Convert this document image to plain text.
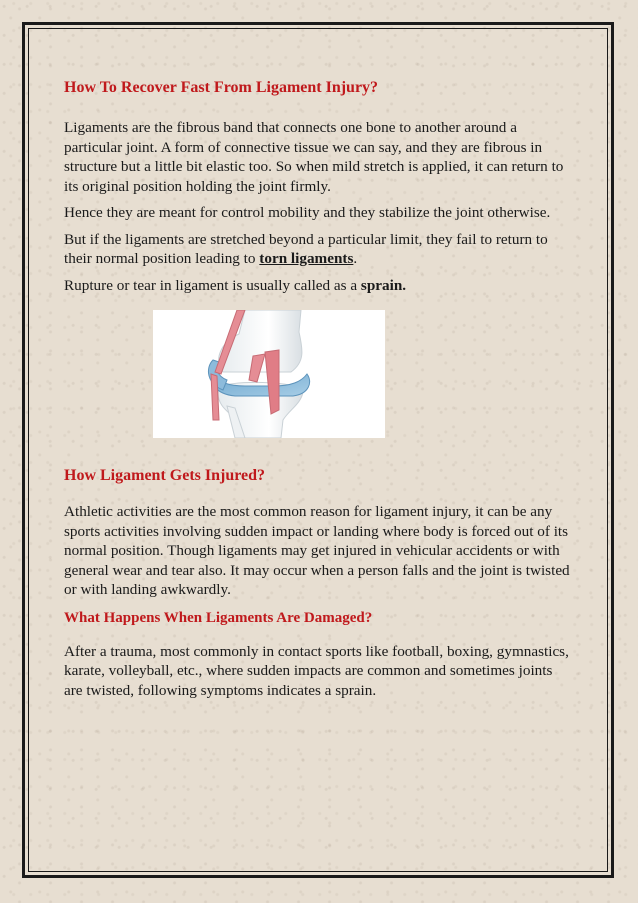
How To Recover Fast From Ligament Injury?

Ligaments are the fibrous band that connects one bone to another around a particular joint. A form of connective tissue we can say, and they are fibrous in structure but a little bit elastic too. So when mild stretch is applied, it can return to its original position holding the joint firmly.

Hence they are meant for control mobility and they stabilize the joint otherwise.

But if the ligaments are stretched beyond a particular limit, they fail to return to their normal position leading to torn ligaments.

Rupture or tear in ligament is usually called as a sprain.

How Ligament Gets Injured?

Athletic activities are the most common reason for ligament injury, it can be any sports activities involving sudden impact or landing where body is forced out of its normal position. Though ligaments may get injured in vehicular accidents or with general wear and tear also. It may occur when a person falls and the joint is twisted or with landing awkwardly.

What Happens When Ligaments Are Damaged?

After a trauma, most commonly in contact sports like football, boxing, gymnastics, karate, volleyball, etc., where sudden impacts are common and sometimes joints are twisted, following symptoms indicates a sprain.
